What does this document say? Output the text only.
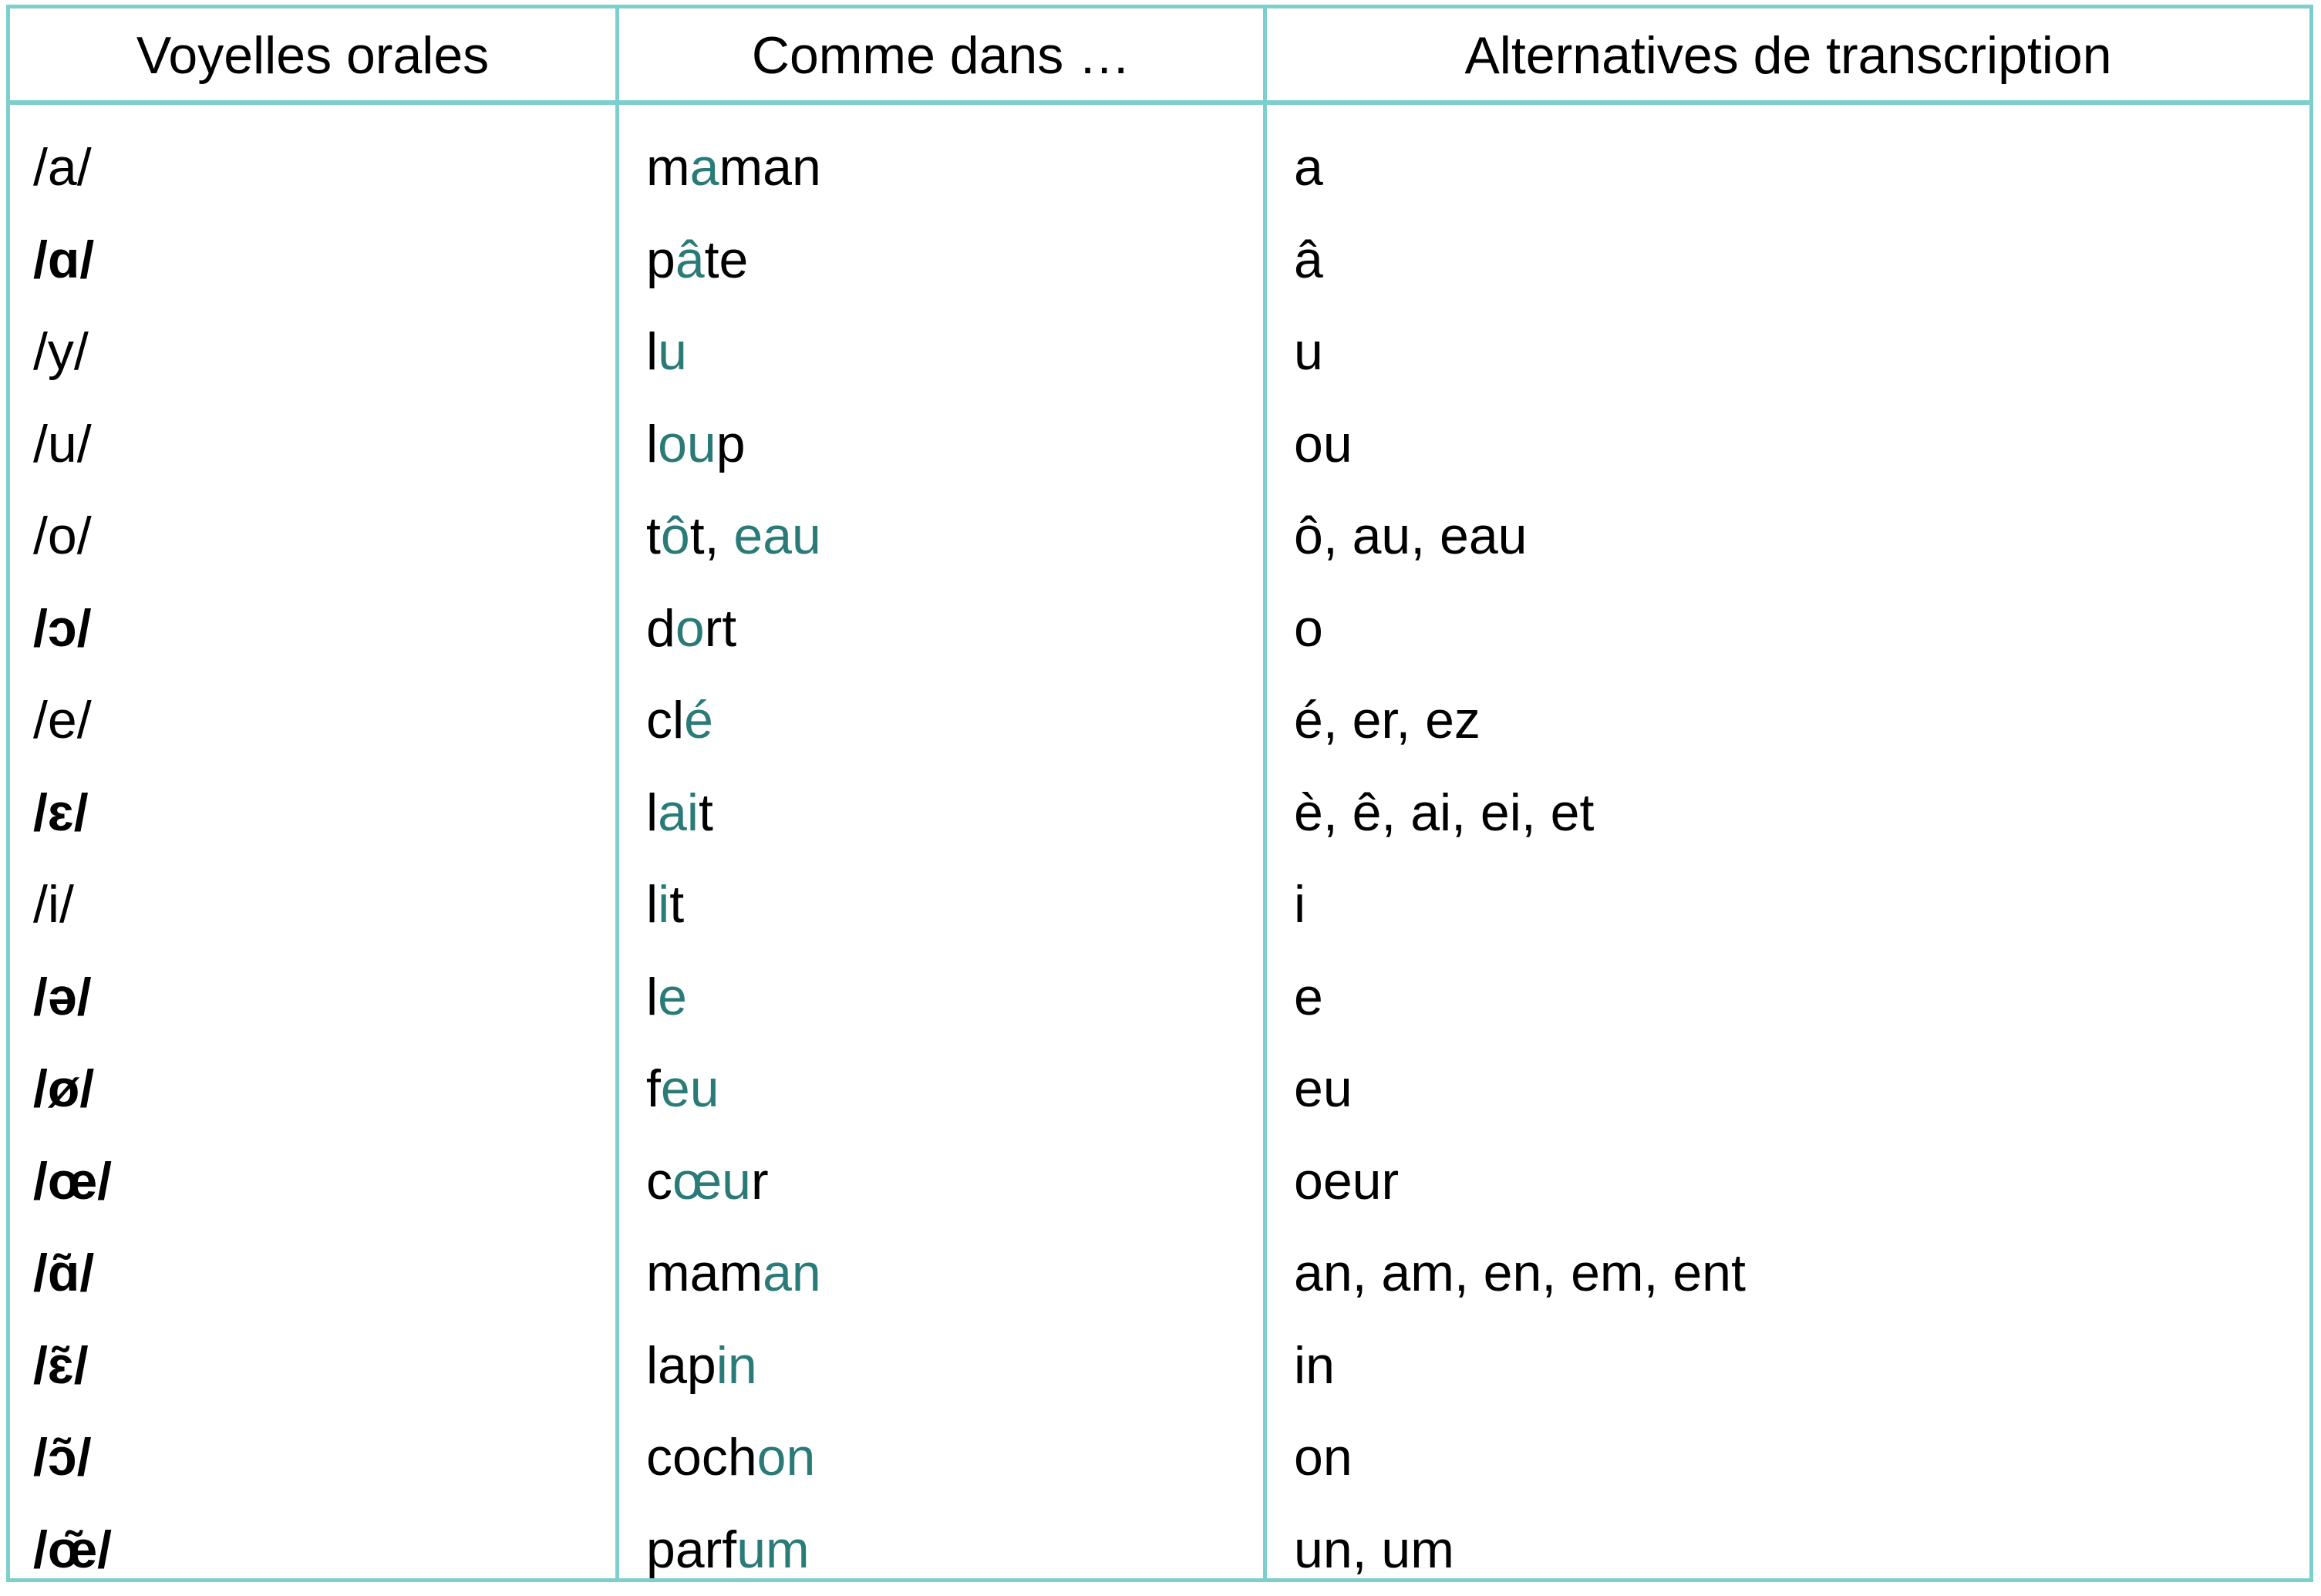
Voyelles orales	Comme dans …	Alternatives de transcription
/a/	maman	a
/ɑ/	pâte	â
/y/	lu	u
/u/	loup	ou
/o/	tôt, eau	ô, au, eau
/ɔ/	dort	o
/e/	clé	é, er, ez
/ɛ/	lait	è, ê, ai, ei, et
/i/	lit	i
/ə/	le	e
/ø/	feu	eu
/œ/	cœur	oeur
/ɑ̃/	maman	an, am, en, em, ent
/ɛ̃/	lapin	in
/ɔ̃/	cochon	on
/œ̃/	parfum	un, um
